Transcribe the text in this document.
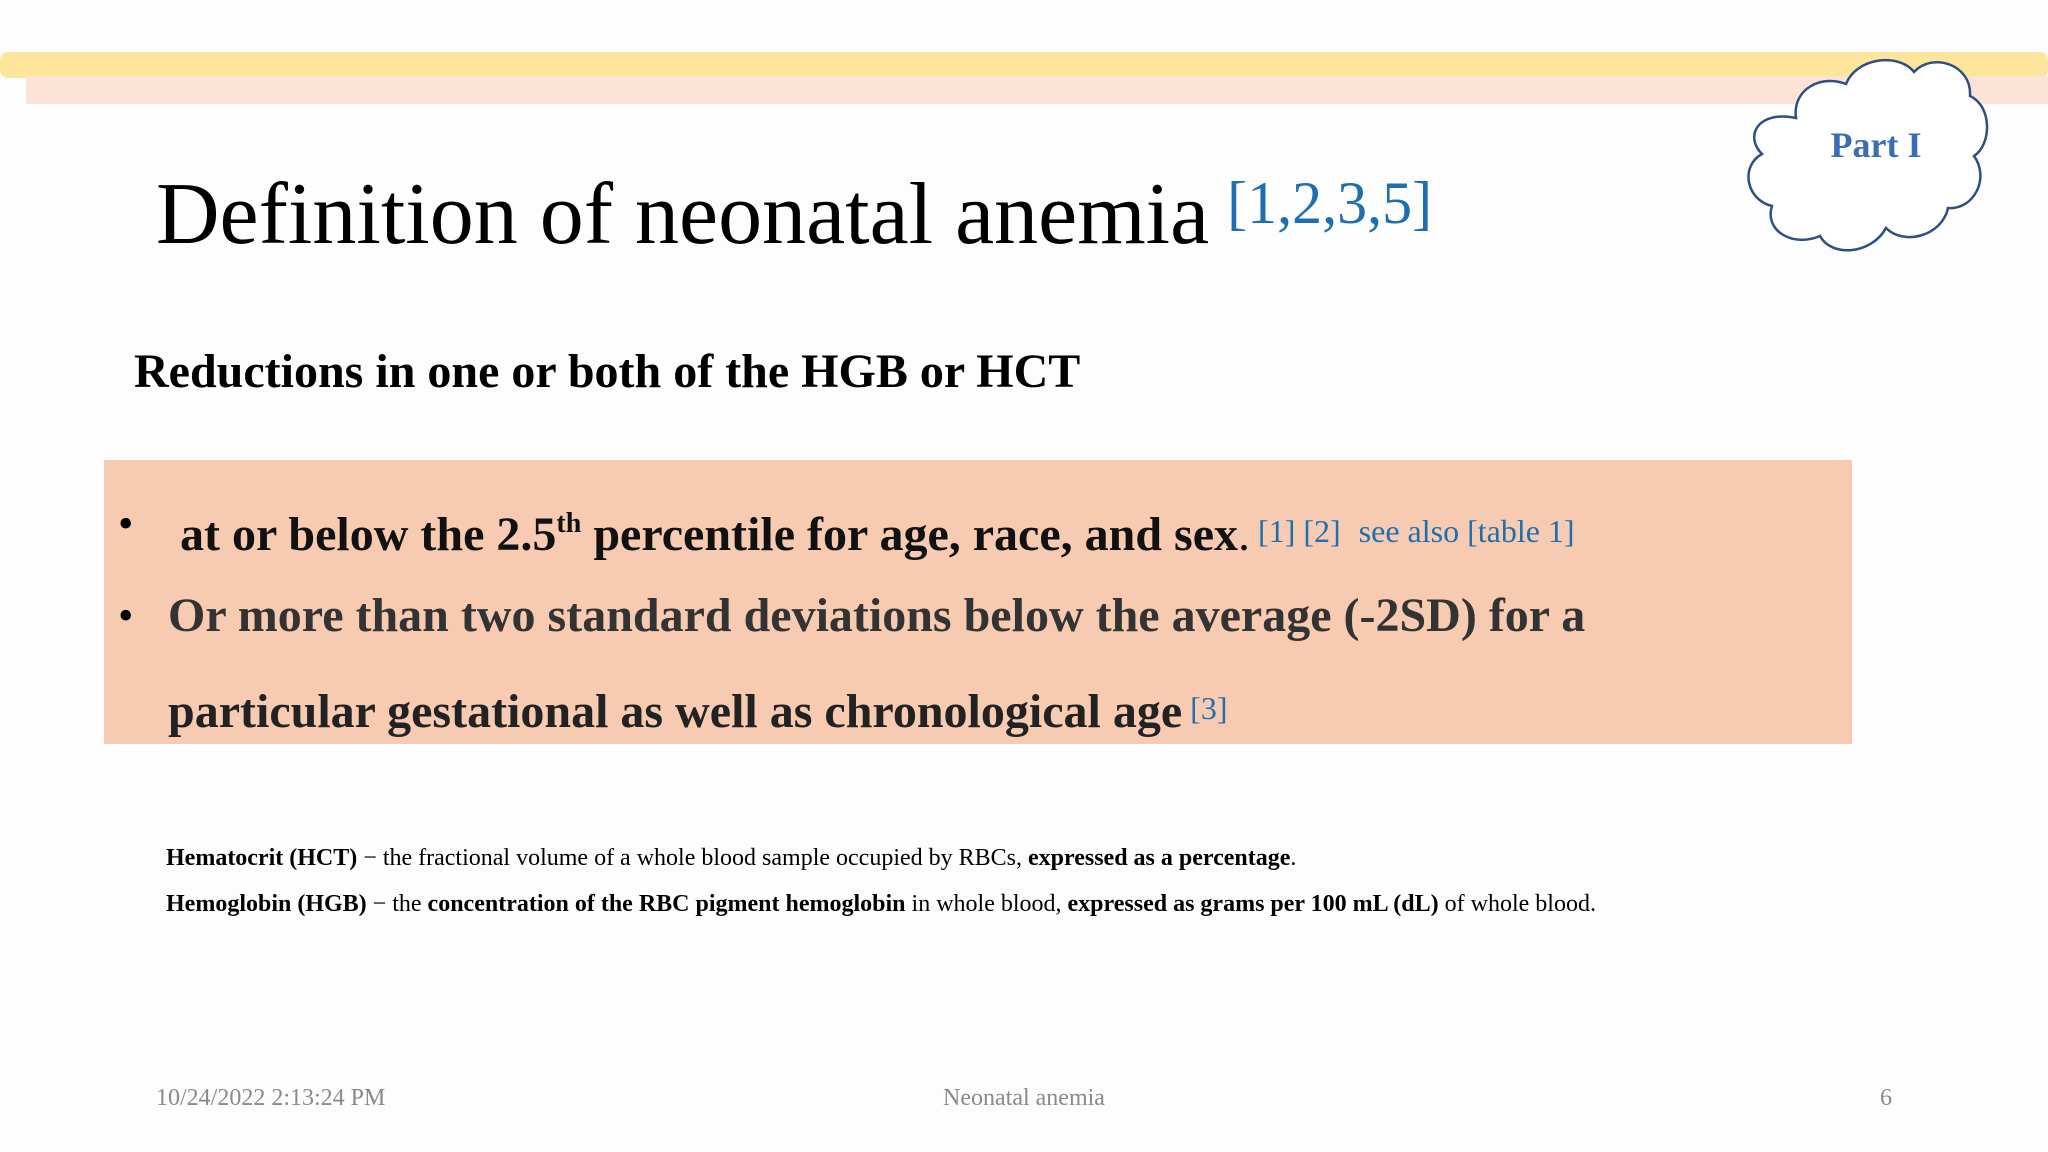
Part I
Definition of neonatal anemia [1,2,3,5]
Reductions in one or both of the HGB or HCT
• at or below the 2.5th percentile for age, race, and sex. [1] [2] see also [table 1]
• Or more than two standard deviations below the average (-2SD) for a
particular gestational as well as chronological age [3]
Hematocrit (HCT) − the fractional volume of a whole blood sample occupied by RBCs, expressed as a percentage.
Hemoglobin (HGB) − the concentration of the RBC pigment hemoglobin in whole blood, expressed as grams per 100 mL (dL) of whole blood.
10/24/2022 2:13:24 PM	Neonatal anemia	6
